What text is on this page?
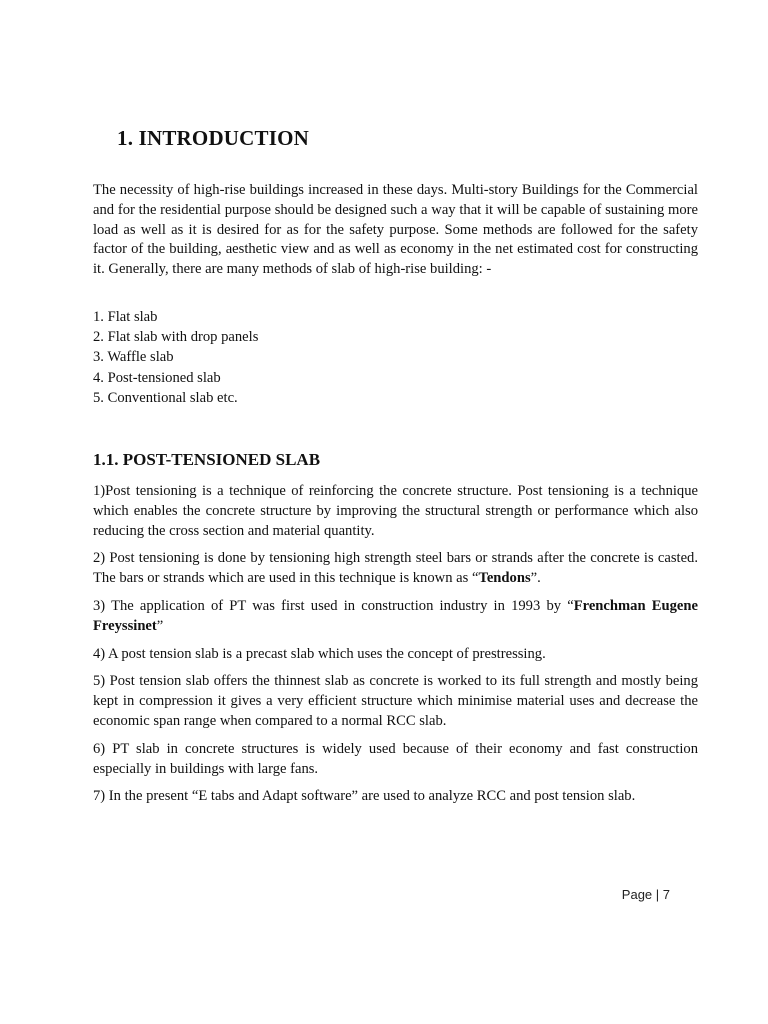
1. INTRODUCTION

The necessity of high-rise buildings increased in these days. Multi-story Buildings for the Commercial and for the residential purpose should be designed such a way that it will be capable of sustaining more load as well as it is desired for as for the safety purpose. Some methods are followed for the safety factor of the building, aesthetic view and as well as economy in the net estimated cost for constructing it. Generally, there are many methods of slab of high-rise building: -

1. Flat slab
2. Flat slab with drop panels
3. Waffle slab
4. Post-tensioned slab
5. Conventional slab etc.
1.1. POST-TENSIONED SLAB

1)Post tensioning is a technique of reinforcing the concrete structure. Post tensioning is a technique which enables the concrete structure by improving the structural strength or performance which also reducing the cross section and material quantity.

2) Post tensioning is done by tensioning high strength steel bars or strands after the concrete is casted. The bars or strands which are used in this technique is known as “Tendons”.

3) The application of PT was first used in construction industry in 1993 by “Frenchman Eugene Freyssinet”

4) A post tension slab is a precast slab which uses the concept of prestressing.

5) Post tension slab offers the thinnest slab as concrete is worked to its full strength and mostly being kept in compression it gives a very efficient structure which minimise material uses and decrease the economic span range when compared to a normal RCC slab.

6) PT slab in concrete structures is widely used because of their economy and fast construction especially in buildings with large fans.

7) In the present “E tabs and Adapt software” are used to analyze RCC and post tension slab.

Page | 7
